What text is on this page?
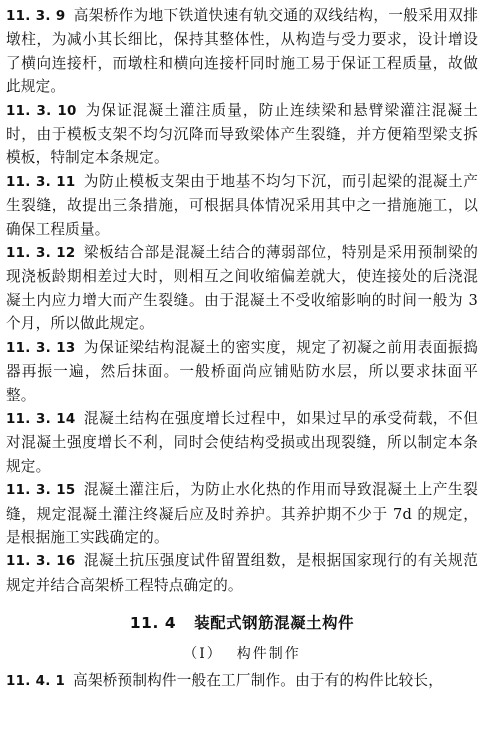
11. 3. 9 高架桥作为地下铁道快速有轨交通的双线结构，一般采用双排墩柱，为减小其长细比，保持其整体性，从构造与受力要求，设计增设了横向连接杆，而墩柱和横向连接杆同时施工易于保证工程质量，故做此规定。

11. 3. 10 为保证混凝土灌注质量，防止连续梁和悬臂梁灌注混凝土时，由于模板支架不均匀沉降而导致梁体产生裂缝，并方便箱型梁支拆模板，特制定本条规定。

11. 3. 11 为防止模板支架由于地基不均匀下沉，而引起梁的混凝土产生裂缝，故提出三条措施，可根据具体情况采用其中之一措施施工，以确保工程质量。

11. 3. 12 梁板结合部是混凝土结合的薄弱部位，特别是采用预制梁的现浇板龄期相差过大时，则相互之间收缩偏差就大，使连接处的后浇混凝土内应力增大而产生裂缝。由于混凝土不受收缩影响的时间一般为 3 个月，所以做此规定。

11. 3. 13 为保证梁结构混凝土的密实度，规定了初凝之前用表面振捣器再振一遍，然后抹面。一般桥面尚应铺贴防水层，所以要求抹面平整。

11. 3. 14 混凝土结构在强度增长过程中，如果过早的承受荷载，不但对混凝土强度增长不利，同时会使结构受损或出现裂缝，所以制定本条规定。

11. 3. 15 混凝土灌注后，为防止水化热的作用而导致混凝土上产生裂缝，规定混凝土灌注终凝后应及时养护。其养护期不少于 7d 的规定，是根据施工实践确定的。

11. 3. 16 混凝土抗压强度试件留置组数，是根据国家现行的有关规范规定并结合高架桥工程特点确定的。

11. 4 装配式钢筋混凝土构件
（Ⅰ） 构件制作

11. 4. 1 高架桥预制构件一般在工厂制作。由于有的构件比较长，
